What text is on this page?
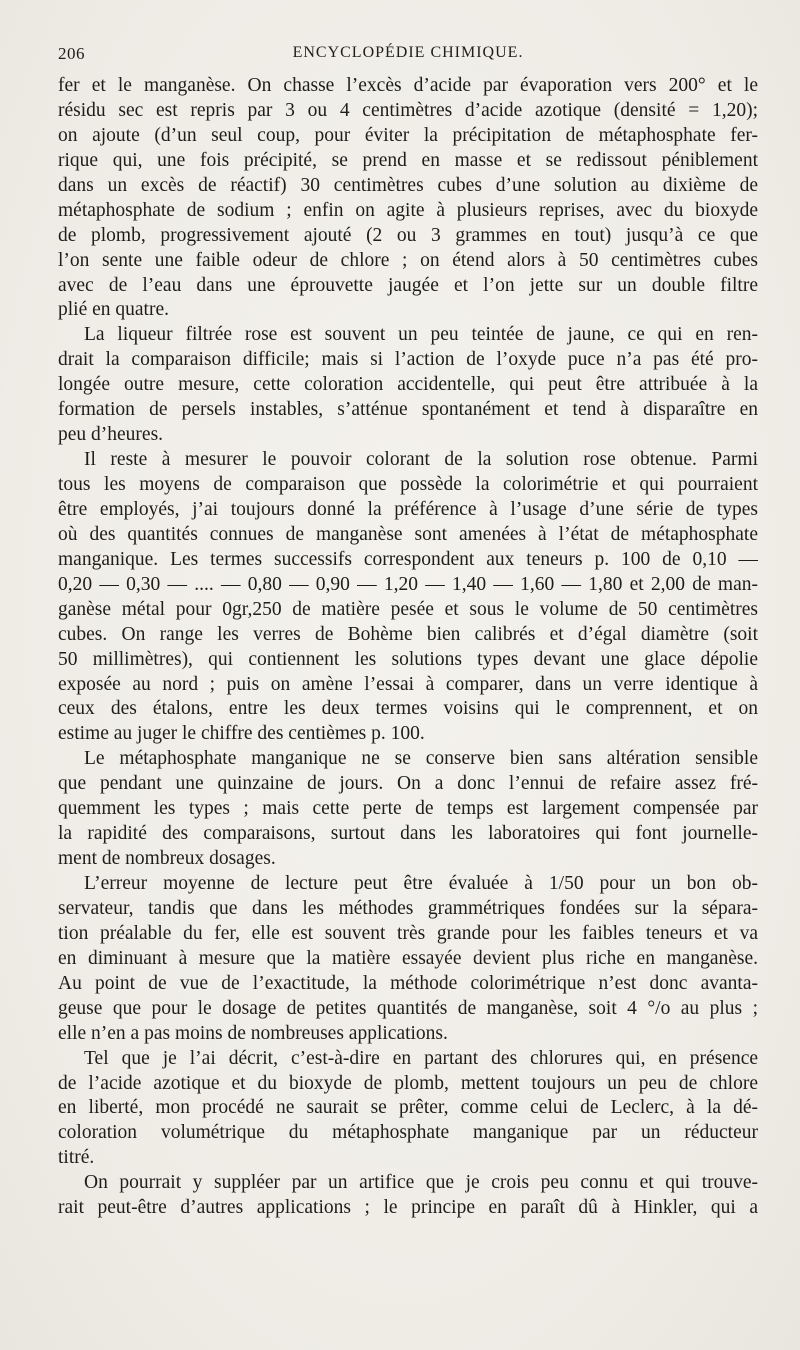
206	ENCYCLOPÉDIE CHIMIQUE.
fer et le manganèse. On chasse l’excès d’acide par évaporation vers 200° et le
résidu sec est repris par 3 ou 4 centimètres d’acide azotique (densité = 1,20);
on ajoute (d’un seul coup, pour éviter la précipitation de métaphosphate fer-
rique qui, une fois précipité, se prend en masse et se redissout péniblement
dans un excès de réactif) 30 centimètres cubes d’une solution au dixième de
métaphosphate de sodium ; enfin on agite à plusieurs reprises, avec du bioxyde
de plomb, progressivement ajouté (2 ou 3 grammes en tout) jusqu’à ce que
l’on sente une faible odeur de chlore ; on étend alors à 50 centimètres cubes
avec de l’eau dans une éprouvette jaugée et l’on jette sur un double filtre
plié en quatre.
La liqueur filtrée rose est souvent un peu teintée de jaune, ce qui en ren-
drait la comparaison difficile; mais si l’action de l’oxyde puce n’a pas été pro-
longée outre mesure, cette coloration accidentelle, qui peut être attribuée à la
formation de persels instables, s’atténue spontanément et tend à disparaître en
peu d’heures.
Il reste à mesurer le pouvoir colorant de la solution rose obtenue. Parmi
tous les moyens de comparaison que possède la colorimétrie et qui pourraient
être employés, j’ai toujours donné la préférence à l’usage d’une série de types
où des quantités connues de manganèse sont amenées à l’état de métaphosphate
manganique. Les termes successifs correspondent aux teneurs p. 100 de 0,10 —
0,20 — 0,30 — .... — 0,80 — 0,90 — 1,20 — 1,40 — 1,60 — 1,80 et 2,00 de man-
ganèse métal pour 0gr,250 de matière pesée et sous le volume de 50 centimètres
cubes. On range les verres de Bohème bien calibrés et d’égal diamètre (soit
50 millimètres), qui contiennent les solutions types devant une glace dépolie
exposée au nord ; puis on amène l’essai à comparer, dans un verre identique à
ceux des étalons, entre les deux termes voisins qui le comprennent, et on
estime au juger le chiffre des centièmes p. 100.
Le métaphosphate manganique ne se conserve bien sans altération sensible
que pendant une quinzaine de jours. On a donc l’ennui de refaire assez fré-
quemment les types ; mais cette perte de temps est largement compensée par
la rapidité des comparaisons, surtout dans les laboratoires qui font journelle-
ment de nombreux dosages.
L’erreur moyenne de lecture peut être évaluée à 1/50 pour un bon ob-
servateur, tandis que dans les méthodes grammétriques fondées sur la sépara-
tion préalable du fer, elle est souvent très grande pour les faibles teneurs et va
en diminuant à mesure que la matière essayée devient plus riche en manganèse.
Au point de vue de l’exactitude, la méthode colorimétrique n’est donc avanta-
geuse que pour le dosage de petites quantités de manganèse, soit 4 °/o au plus ;
elle n’en a pas moins de nombreuses applications.
Tel que je l’ai décrit, c’est-à-dire en partant des chlorures qui, en présence
de l’acide azotique et du bioxyde de plomb, mettent toujours un peu de chlore
en liberté, mon procédé ne saurait se prêter, comme celui de Leclerc, à la dé-
coloration volumétrique du métaphosphate manganique par un réducteur
titré.
On pourrait y suppléer par un artifice que je crois peu connu et qui trouve-
rait peut-être d’autres applications ; le principe en paraît dû à Hinkler, qui a
